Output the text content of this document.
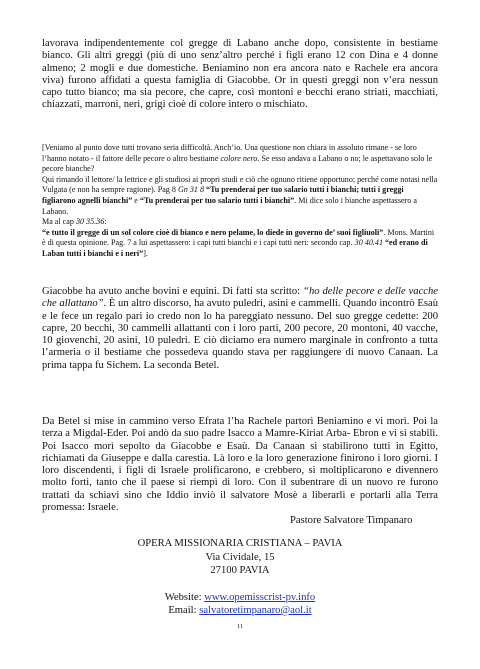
lavorava indipendentemente col gregge di Labano anche dopo, consistente in bestiame bianco. Gli altri greggi (più di uno senz’altro perché i figli erano 12 con Dina e 4 donne almeno; 2 mogli e due domestiche. Beniamino non era ancora nato e Rachele era ancora viva) furono affidati a questa famiglia di Giacobbe. Or in questi greggi non v’era nessun capo tutto bianco; ma sia pecore, che capre, così montoni e becchi erano striati, macchiati, chiazzati, marroni, neri, grigi cioè di colore intero o mischiato.

[Veniamo al punto dove tutti trovano seria difficoltà. Anch’io. Una questione non chiara in assoluto rimane - se loro l’hanno notato - il fattore delle pecore o altro bestiame colore nero. Se esso andava a Labano o no; le aspettavano solo le pecore bianche?

Qui rimando il lettore/ la lettrice e gli studiosi ai propri studi e ciò che ognuno ritiene opportuno; perché come notasi nella Vulgata (e non ha sempre ragione). Pag 8 Gn 31 8 “Tu prenderai per tuo salario tutti i bianchi; tutti i greggi figliarono agnelli bianchi” e “Tu prenderai per tuo salario tutti i bianchi”. Mi dice solo i bianche aspettassero a Labano.

Ma al cap 30 35.36:

“e tutto il gregge di un sol colore cioè di bianco e nero pelame, lo diede in governo de’ suoi figliuoli”. Mons. Martini è di questa opinione. Pag. 7 a lui aspettassero: i capi tutti bianchi e i capi tutti neri: secondo cap. 30 40.41 “ed erano di Laban tutti i bianchi e i neri”].

Giacobbe ha avuto anche bovini e equini. Di fatti sta scritto: “ho delle pecore e delle vacche che allattano”. È un altro discorso, ha avuto puledri, asini e cammelli. Quando incontrò Esaù e le fece un regalo pari io credo non lo ha pareggiato nessuno. Del suo gregge cedette: 200 capre, 20 becchi, 30 cammelli allattanti con i loro parti, 200 pecore, 20 montoni, 40 vacche, 10 giovenchi, 20 asini, 10 puledri. E ciò diciamo era numero marginale in confronto a tutta l’armeria o il bestiame che possedeva quando stava per raggiungere di nuovo Canaan. La prima tappa fu Sichem. La seconda Betel.

Da Betel si mise in cammino verso Efrata l’ha Rachele partorì Beniamino e vi morì. Poi la terza a Migdal-Eder. Poi andò da suo padre Isacco a Mamre-Kiriat Arba- Ebron e vi si stabilì. Poi Isacco morì sepolto da Giacobbe e Esaù. Da Canaan si stabilirono tutti in Egitto, richiamati da Giuseppe e dalla carestia. Là loro e la loro generazione finirono i loro giorni. I loro discendenti, i figli di Israele prolificarono, e crebbero, si moltiplicarono e divennero molto forti, tanto che il paese si riempì di loro. Con il subentrare di un nuovo re furono trattati da schiavi sino che Iddio inviò il salvatore Mosè a liberarli e portarli alla Terra promessa: Israele.

Pastore Salvatore Timpanaro
OPERA MISSIONARIA CRISTIANA – PAVIA
Via Cividale, 15
27100 PAVIA
Website: www.opemisscrist-pv.info
Email: salvatoretimpanaro@aol.it
11
